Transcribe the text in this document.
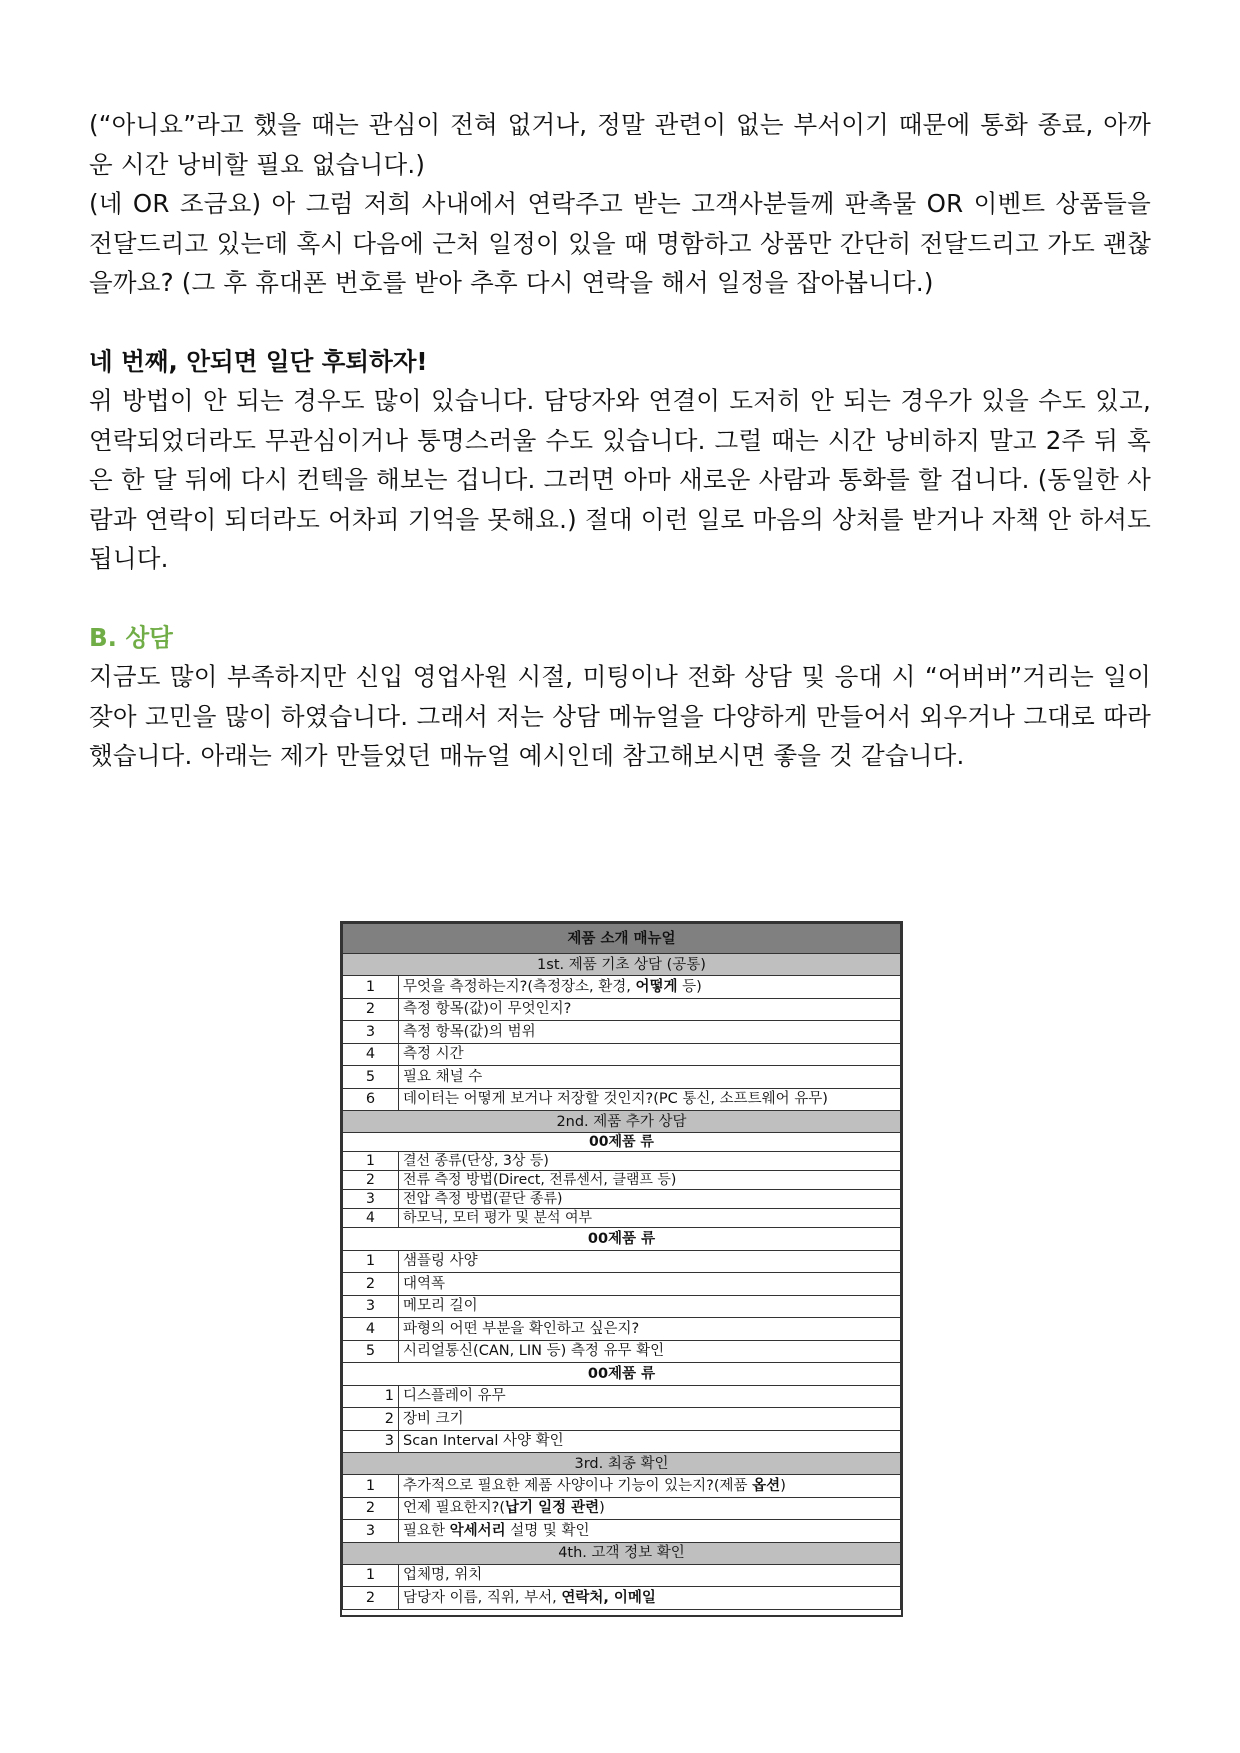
(“아니요”라고 했을 때는 관심이 전혀 없거나, 정말 관련이 없는 부서이기 때문에 통화 종료, 아까운 시간 낭비할 필요 없습니다.)

(네 OR 조금요) 아 그럼 저희 사내에서 연락주고 받는 고객사분들께 판촉물 OR 이벤트 상품들을 전달드리고 있는데 혹시 다음에 근처 일정이 있을 때 명함하고 상품만 간단히 전달드리고 가도 괜찮을까요? (그 후 휴대폰 번호를 받아 추후 다시 연락을 해서 일정을 잡아봅니다.)

네 번째, 안되면 일단 후퇴하자!

위 방법이 안 되는 경우도 많이 있습니다. 담당자와 연결이 도저히 안 되는 경우가 있을 수도 있고, 연락되었더라도 무관심이거나 퉁명스러울 수도 있습니다. 그럴 때는 시간 낭비하지 말고 2주 뒤 혹은 한 달 뒤에 다시 컨텍을 해보는 겁니다. 그러면 아마 새로운 사람과 통화를 할 겁니다. (동일한 사람과 연락이 되더라도 어차피 기억을 못해요.) 절대 이런 일로 마음의 상처를 받거나 자책 안 하셔도 됩니다.

B. 상담

지금도 많이 부족하지만 신입 영업사원 시절, 미팅이나 전화 상담 및 응대 시 “어버버”거리는 일이 잦아 고민을 많이 하였습니다. 그래서 저는 상담 메뉴얼을 다양하게 만들어서 외우거나 그대로 따라 했습니다. 아래는 제가 만들었던 매뉴얼 예시인데 참고해보시면 좋을 것 같습니다.

제품 소개 매뉴얼	
1st. 제품 기초 상담 (공통)	
1	무엇을 측정하는지?(측정장소, 환경, 어떻게 등)
2	측정 항목(값)이 무엇인지?
3	측정 항목(값)의 범위
4	측정 시간
5	필요 채널 수
6	데이터는 어떻게 보거나 저장할 것인지?(PC 통신, 소프트웨어 유무)
2nd. 제품 추가 상담	
00제품 류	
1	결선 종류(단상, 3상 등)
2	전류 측정 방법(Direct, 전류센서, 클램프 등)
3	전압 측정 방법(끝단 종류)
4	하모닉, 모터 평가 및 분석 여부
00제품 류	
1	샘플링 사양
2	대역폭
3	메모리 길이
4	파형의 어떤 부분을 확인하고 싶은지?
5	시리얼통신(CAN, LIN 등) 측정 유무 확인
00제품 류	
1	디스플레이 유무
2	장비 크기
3	Scan Interval 사양 확인
3rd. 최종 확인	
1	추가적으로 필요한 제품 사양이나 기능이 있는지?(제품 옵션)
2	언제 필요한지?(납기 일정 관련)
3	필요한 악세서리 설명 및 확인
4th. 고객 정보 확인	
1	업체명, 위치
2	담당자 이름, 직위, 부서, 연락처, 이메일
